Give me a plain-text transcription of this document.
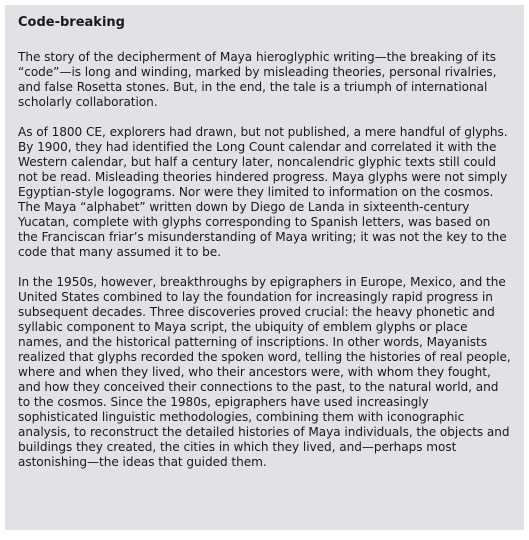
Code-breaking

The story of the decipherment of Maya hieroglyphic writing—the breaking of its “code”—is long and winding, marked by misleading theories, personal rivalries, and false Rosetta stones. But, in the end, the tale is a triumph of international scholarly collaboration.

As of 1800 CE, explorers had drawn, but not published, a mere handful of glyphs. By 1900, they had identified the Long Count calendar and correlated it with the Western calendar, but half a century later, noncalendric glyphic texts still could not be read. Misleading theories hindered progress. Maya glyphs were not simply Egyptian-style logograms. Nor were they limited to information on the cosmos. The Maya “alphabet” written down by Diego de Landa in sixteenth-century Yucatan, complete with glyphs corresponding to Spanish letters, was based on the Franciscan friar’s misunderstanding of Maya writing; it was not the key to the code that many assumed it to be.

In the 1950s, however, breakthroughs by epigraphers in Europe, Mexico, and the United States combined to lay the foundation for increasingly rapid progress in subsequent decades. Three discoveries proved crucial: the heavy phonetic and syllabic component to Maya script, the ubiquity of emblem glyphs or place names, and the historical patterning of inscriptions. In other words, Mayanists realized that glyphs recorded the spoken word, telling the histories of real people, where and when they lived, who their ancestors were, with whom they fought, and how they conceived their connections to the past, to the natural world, and to the cosmos. Since the 1980s, epigraphers have used increasingly sophisticated linguistic methodologies, combining them with iconographic analysis, to reconstruct the detailed histories of Maya individuals, the objects and buildings they created, the cities in which they lived, and—perhaps most astonishing—the ideas that guided them.
